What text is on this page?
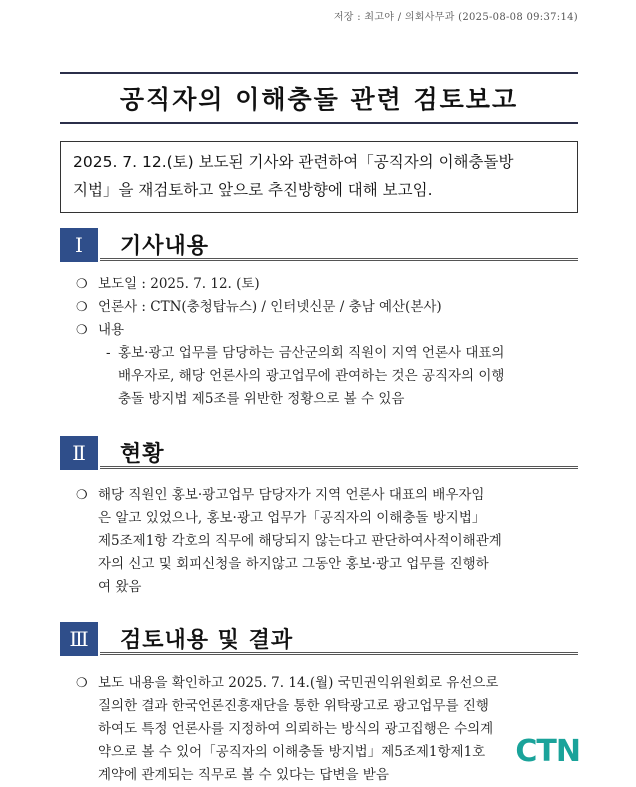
저장 : 최고야 / 의회사무과 (2025-08-08 09:37:14)
공직자의 이해충돌 관련 검토보고
2025. 7. 12.(토) 보도된 기사와 관련하여「공직자의 이해충돌방
지법」을 재검토하고 앞으로 추진방향에 대해 보고임.
Ⅰ	기사내용
❍ 보도일 : 2025. 7. 12. (토)
❍ 언론사 : CTN(충청탑뉴스) / 인터넷신문 / 충남 예산(본사)
❍ 내용
- 홍보·광고 업무를 담당하는 금산군의회 직원이 지역 언론사 대표의
배우자로, 해당 언론사의 광고업무에 관여하는 것은 공직자의 이행
충돌 방지법 제5조를 위반한 정황으로 볼 수 있음
Ⅱ	현황
❍ 해당 직원인 홍보·광고업무 담당자가 지역 언론사 대표의 배우자임
은 알고 있었으나, 홍보·광고 업무가「공직자의 이해충돌 방지법」
제5조제1항 각호의 직무에 해당되지 않는다고 판단하여사적이해관계
자의 신고 및 회피신청을 하지않고 그동안 홍보·광고 업무를 진행하
여 왔음
Ⅲ	검토내용 및 결과
❍ 보도 내용을 확인하고 2025. 7. 14.(월) 국민권익위원회로 유선으로
질의한 결과 한국언론진흥재단을 통한 위탁광고로 광고업무를 진행
하여도 특정 언론사를 지정하여 의뢰하는 방식의 광고집행은 수의계
약으로 볼 수 있어「공직자의 이해충돌 방지법」제5조제1항제1호
계약에 관계되는 직무로 볼 수 있다는 답변을 받음
CTN
